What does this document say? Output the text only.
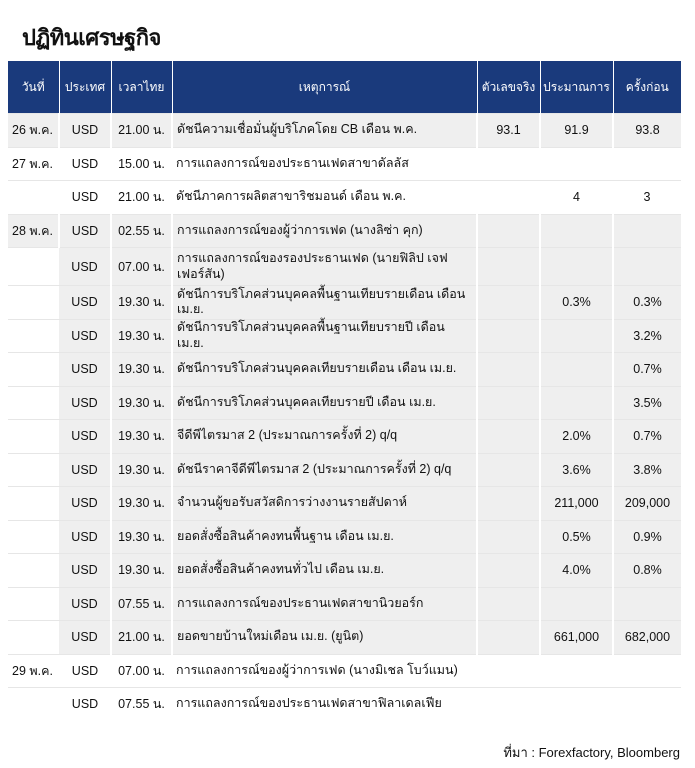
ปฏิทินเศรษฐกิจ
วันที่	ประเทศ	เวลาไทย	เหตุการณ์	ตัวเลขจริง	ประมาณการ	ครั้งก่อน
26 พ.ค.	USD	21.00 น.	ดัชนีความเชื่อมั่นผู้บริโภคโดย CB เดือน พ.ค.	93.1	91.9	93.8
27 พ.ค.	USD	15.00 น.	การแถลงการณ์ของประธานเฟดสาขาดัลลัส			
	USD	21.00 น.	ดัชนีภาคการผลิตสาขาริชมอนด์ เดือน พ.ค.		4	3
28 พ.ค.	USD	02.55 น.	การแถลงการณ์ของผู้ว่าการเฟด (นางลิซ่า คุก)			
	USD	07.00 น.	การแถลงการณ์ของรองประธานเฟด (นายฟิลิป เจฟเฟอร์สัน)			
	USD	19.30 น.	ดัชนีการบริโภคส่วนบุคคลพื้นฐานเทียบรายเดือน เดือน เม.ย.		0.3%	0.3%
	USD	19.30 น.	ดัชนีการบริโภคส่วนบุคคลพื้นฐานเทียบรายปี เดือน เม.ย.			3.2%
	USD	19.30 น.	ดัชนีการบริโภคส่วนบุคคลเทียบรายเดือน เดือน เม.ย.			0.7%
	USD	19.30 น.	ดัชนีการบริโภคส่วนบุคคลเทียบรายปี เดือน เม.ย.			3.5%
	USD	19.30 น.	จีดีพีไตรมาส 2 (ประมาณการครั้งที่ 2) q/q		2.0%	0.7%
	USD	19.30 น.	ดัชนีราคาจีดีพีไตรมาส 2 (ประมาณการครั้งที่ 2) q/q		3.6%	3.8%
	USD	19.30 น.	จำนวนผู้ขอรับสวัสดิการว่างงานรายสัปดาห์		211,000	209,000
	USD	19.30 น.	ยอดสั่งซื้อสินค้าคงทนพื้นฐาน เดือน เม.ย.		0.5%	0.9%
	USD	19.30 น.	ยอดสั่งซื้อสินค้าคงทนทั่วไป เดือน เม.ย.		4.0%	0.8%
	USD	07.55 น.	การแถลงการณ์ของประธานเฟดสาขานิวยอร์ก			
	USD	21.00 น.	ยอดขายบ้านใหม่เดือน เม.ย. (ยูนิต)		661,000	682,000
29 พ.ค.	USD	07.00 น.	การแถลงการณ์ของผู้ว่าการเฟด (นางมิเชล โบว์แมน)			
	USD	07.55 น.	การแถลงการณ์ของประธานเฟดสาขาฟิลาเดลเฟีย			
ที่มา : Forexfactory, Bloomberg
